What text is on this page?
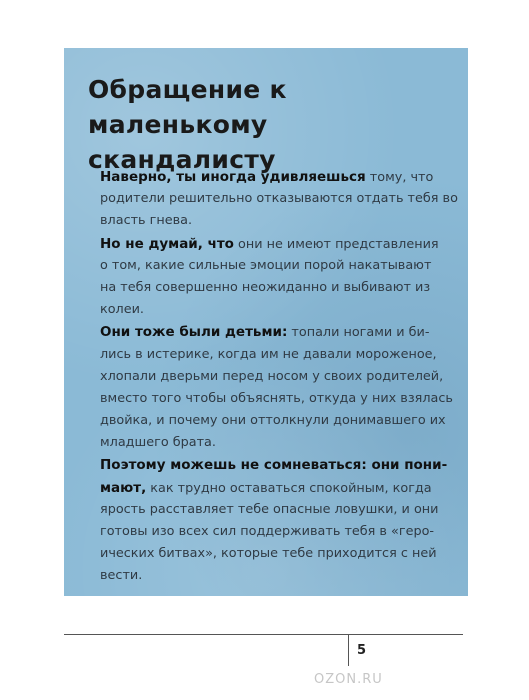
Обращение к маленькому
скандалисту
Наверно, ты иногда удивляешься тому, что
родители решительно отказываются отдать тебя во
власть гнева.
Но не думай, что они не имеют представления
о том, какие сильные эмоции порой накатывают
на тебя совершенно неожиданно и выбивают из
колеи.
Они тоже были детьми: топали ногами и би-
лись в истерике, когда им не давали мороженое,
хлопали дверьми перед носом у своих родителей,
вместо того чтобы объяснять, откуда у них взялась
двойка, и почему они оттолкнули донимавшего их
младшего брата.
Поэтому можешь не сомневаться: они пони-
мают, как трудно оставаться спокойным, когда
ярость расставляет тебе опасные ловушки, и они
готовы изо всех сил поддерживать тебя в «геро-
ических битвах», которые тебе приходится с ней
вести.
5
OZON.RU
